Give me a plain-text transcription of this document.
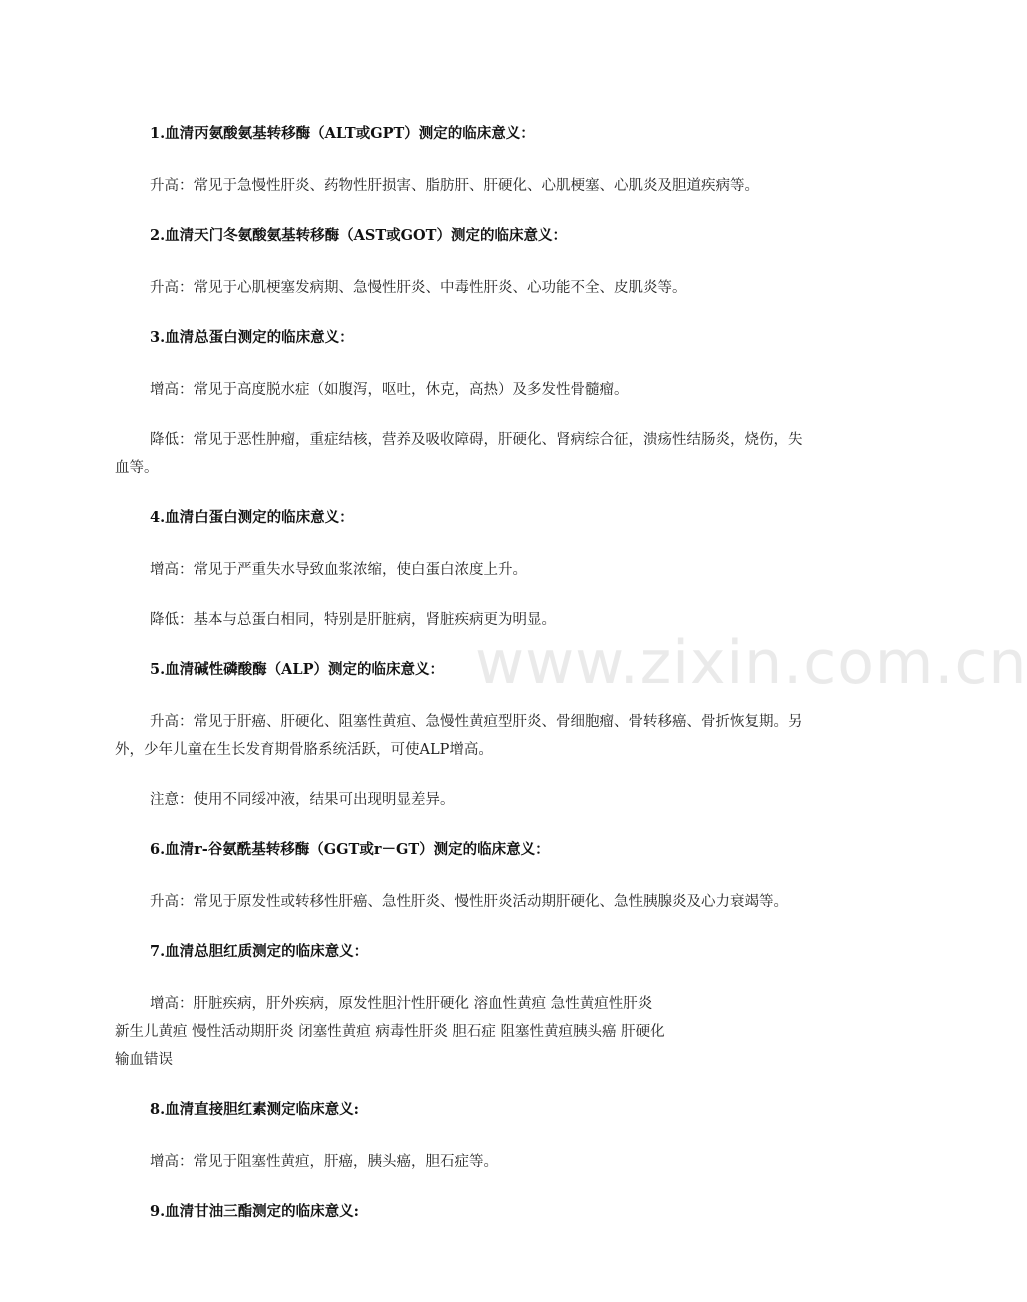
www.zixin.com.cn
1.血清丙氨酸氨基转移酶（ALT或GPT）测定的临床意义：

升高：常见于急慢性肝炎、药物性肝损害、脂肪肝、肝硬化、心肌梗塞、心肌炎及胆道疾病等。

2.血清天门冬氨酸氨基转移酶（AST或GOT）测定的临床意义：

升高：常见于心肌梗塞发病期、急慢性肝炎、中毒性肝炎、心功能不全、皮肌炎等。

3.血清总蛋白测定的临床意义：

增高：常见于高度脱水症（如腹泻，呕吐，休克，高热）及多发性骨髓瘤。

降低：常见于恶性肿瘤，重症结核，营养及吸收障碍，肝硬化、肾病综合征，溃疡性结肠炎，烧伤，失血等。

4.血清白蛋白测定的临床意义：

增高：常见于严重失水导致血浆浓缩，使白蛋白浓度上升。

降低：基本与总蛋白相同，特别是肝脏病，肾脏疾病更为明显。

5.血清碱性磷酸酶（ALP）测定的临床意义：

升高：常见于肝癌、肝硬化、阻塞性黄疸、急慢性黄疸型肝炎、骨细胞瘤、骨转移癌、骨折恢复期。另外，少年儿童在生长发育期骨胳系统活跃，可使ALP增高。

注意：使用不同绥冲液，结果可出现明显差异。

6.血清r-谷氨酰基转移酶（GGT或r－GT）测定的临床意义：

升高：常见于原发性或转移性肝癌、急性肝炎、慢性肝炎活动期肝硬化、急性胰腺炎及心力衰竭等。

7.血清总胆红质测定的临床意义：

增高：肝脏疾病，肝外疾病，原发性胆汁性肝硬化 溶血性黄疸 急性黄疸性肝炎
新生儿黄疸 慢性活动期肝炎 闭塞性黄疸 病毒性肝炎 胆石症 阻塞性黄疸胰头癌 肝硬化
输血错误

8.血清直接胆红素测定临床意义:

增高：常见于阻塞性黄疸，肝癌，胰头癌，胆石症等。

9.血清甘油三酯测定的临床意义:
